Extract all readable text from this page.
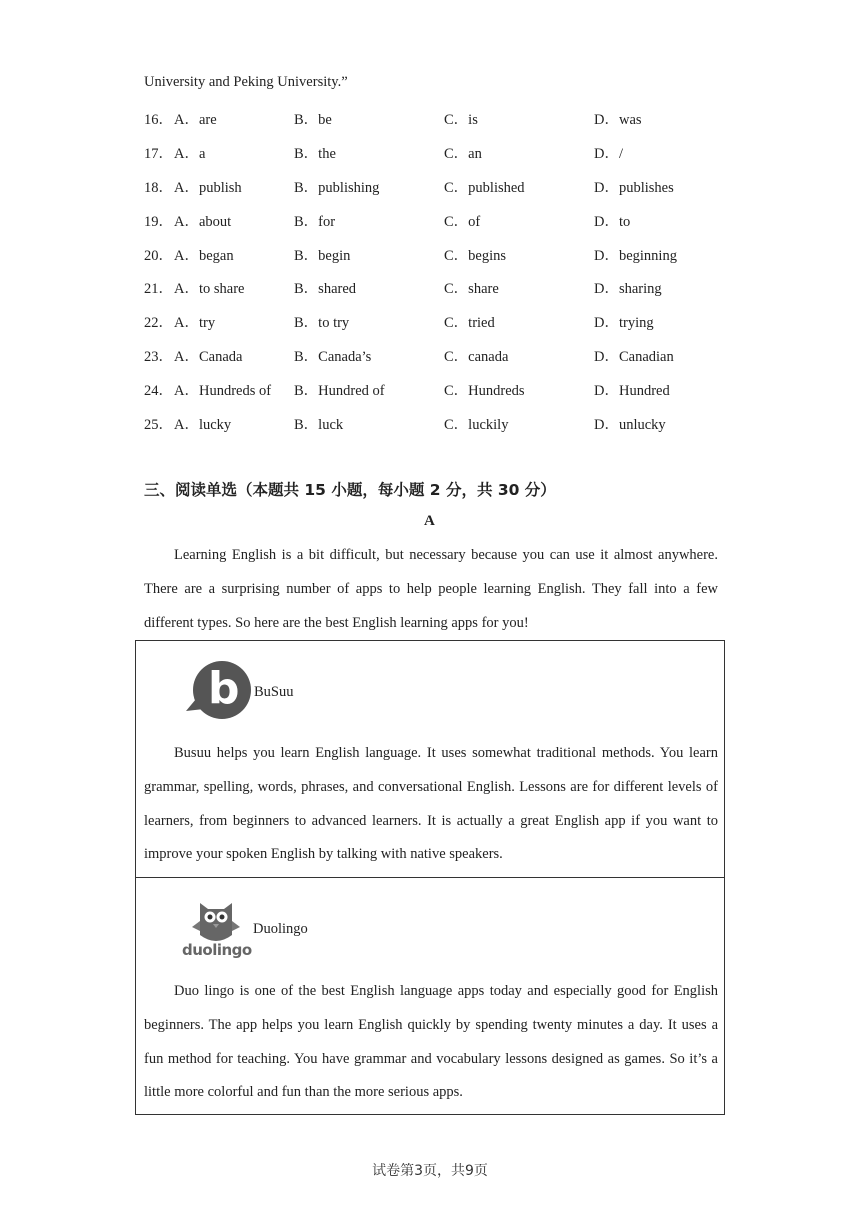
University and Peking University.”
16． A．are	B．be	C．is	D．was
17． A．a	B．the	C．an	D．/
18． A．publish	B．publishing	C．published	D．publishes
19． A．about	B．for	C．of	D．to
20． A．began	B．begin	C．begins	D．beginning
21． A．to share	B．shared	C．share	D．sharing
22． A．try	B．to try	C．tried	D．trying
23． A．Canada	B．Canada’s	C．canada	D．Canadian
24． A．Hundreds of B．Hundred of	C．Hundreds	D．Hundred
25． A．lucky	B．luck	C．luckily	D．unlucky
三、阅读单选（本题共 15 小题，每小题 2 分，共 30 分）
A
Learning English is a bit difficult, but necessary because you can use it almost anywhere. There are a surprising number of apps to help people learning English. They fall into a few different types. So here are the best English learning apps for you!
b BuSuu
Busuu helps you learn English language. It uses somewhat traditional methods. You learn grammar, spelling, words, phrases, and conversational English. Lessons are for different levels of learners, from beginners to advanced learners. It is actually a great English app if you want to improve your spoken English by talking with native speakers.
duolingo
Duolingo
Duo lingo is one of the best English language apps today and especially good for English beginners. The app helps you learn English quickly by spending twenty minutes a day. It uses a fun method for teaching. You have grammar and vocabulary lessons designed as games. So it’s a little more colorful and fun than the more serious apps.
试卷第3页，共9页
